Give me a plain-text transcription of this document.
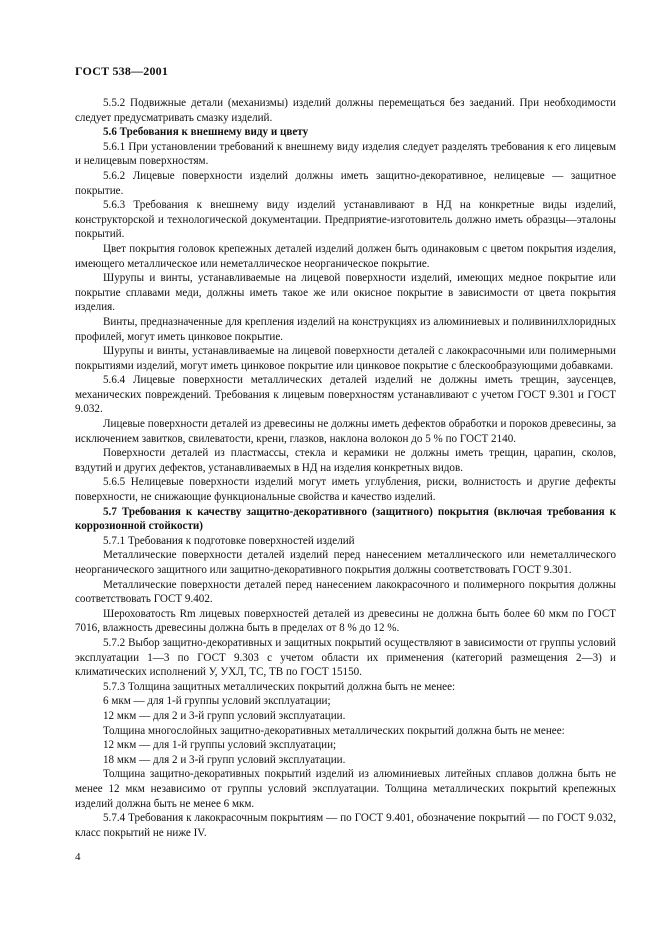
ГОСТ 538—2001

5.5.2 Подвижные детали (механизмы) изделий должны перемещаться без заеданий. При необходимости следует предусматривать смазку изделий.

5.6 Требования к внешнему виду и цвету

5.6.1 При установлении требований к внешнему виду изделия следует разделять требования к его лицевым и нелицевым поверхностям.

5.6.2 Лицевые поверхности изделий должны иметь защитно-декоративное, нелицевые — защитное покрытие.

5.6.3 Требования к внешнему виду изделий устанавливают в НД на конкретные виды изделий, конструкторской и технологической документации. Предприятие-изготовитель должно иметь образцы—эталоны покрытий.

Цвет покрытия головок крепежных деталей изделий должен быть одинаковым с цветом покрытия изделия, имеющего металлическое или неметаллическое неорганическое покрытие.

Шурупы и винты, устанавливаемые на лицевой поверхности изделий, имеющих медное покрытие или покрытие сплавами меди, должны иметь такое же или окисное покрытие в зависимости от цвета покрытия изделия.

Винты, предназначенные для крепления изделий на конструкциях из алюминиевых и поливинилхлоридных профилей, могут иметь цинковое покрытие.

Шурупы и винты, устанавливаемые на лицевой поверхности деталей с лакокрасочными или полимерными покрытиями изделий, могут иметь цинковое покрытие или цинковое покрытие с блескообразующими добавками.

5.6.4 Лицевые поверхности металлических деталей изделий не должны иметь трещин, заусенцев, механических повреждений. Требования к лицевым поверхностям устанавливают с учетом ГОСТ 9.301 и ГОСТ 9.032.

Лицевые поверхности деталей из древесины не должны иметь дефектов обработки и пороков древесины, за исключением завитков, свилеватости, крени, глазков, наклона волокон до 5 % по ГОСТ 2140.

Поверхности деталей из пластмассы, стекла и керамики не должны иметь трещин, царапин, сколов, вздутий и других дефектов, устанавливаемых в НД на изделия конкретных видов.

5.6.5 Нелицевые поверхности изделий могут иметь углубления, риски, волнистость и другие дефекты поверхности, не снижающие функциональные свойства и качество изделий.

5.7 Требования к качеству защитно-декоративного (защитного) покрытия (включая требования к коррозионной стойкости)

5.7.1 Требования к подготовке поверхностей изделий

Металлические поверхности деталей изделий перед нанесением металлического или неметаллического неорганического защитного или защитно-декоративного покрытия должны соответствовать ГОСТ 9.301.

Металлические поверхности деталей перед нанесением лакокрасочного и полимерного покрытия должны соответствовать ГОСТ 9.402.

Шероховатость Rm лицевых поверхностей деталей из древесины не должна быть более 60 мкм по ГОСТ 7016, влажность древесины должна быть в пределах от 8 % до 12 %.

5.7.2 Выбор защитно-декоративных и защитных покрытий осуществляют в зависимости от группы условий эксплуатации 1—3 по ГОСТ 9.303 с учетом области их применения (категорий размещения 2—3) и климатических исполнений У, УХЛ, ТС, ТВ по ГОСТ 15150.

5.7.3 Толщина защитных металлических покрытий должна быть не менее:

6 мкм — для 1-й группы условий эксплуатации;

12 мкм — для 2 и 3-й групп условий эксплуатации.

Толщина многослойных защитно-декоративных металлических покрытий должна быть не менее:

12 мкм — для 1-й группы условий эксплуатации;

18 мкм — для 2 и 3-й групп условий эксплуатации.

Толщина защитно-декоративных покрытий изделий из алюминиевых литейных сплавов должна быть не менее 12 мкм независимо от группы условий эксплуатации. Толщина металлических покрытий крепежных изделий должна быть не менее 6 мкм.

5.7.4 Требования к лакокрасочным покрытиям — по ГОСТ 9.401, обозначение покрытий — по ГОСТ 9.032, класс покрытий не ниже IV.

4
